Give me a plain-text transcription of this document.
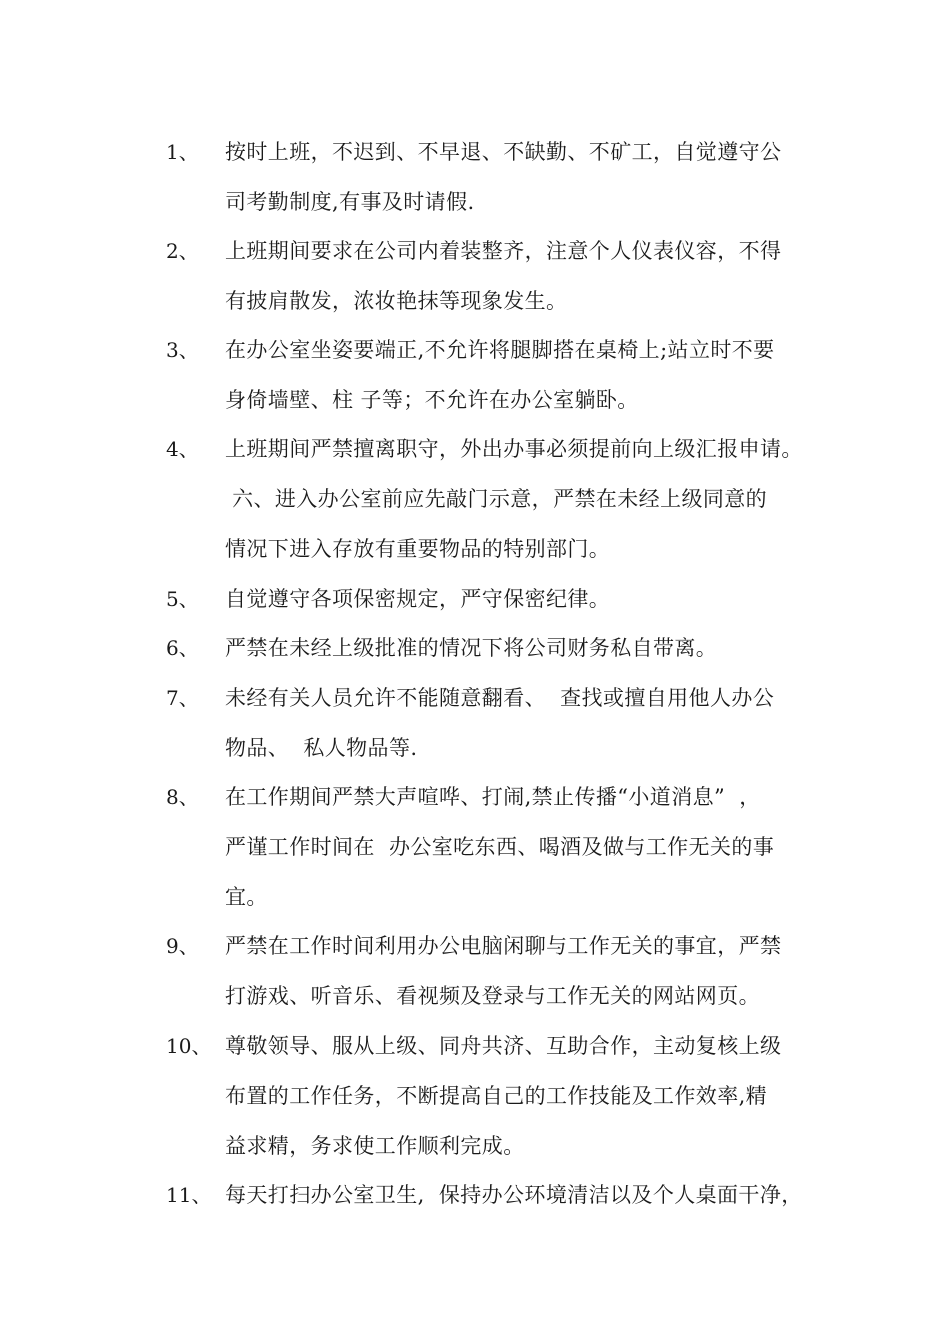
1、 按时上班，不迟到、不早退、不缺勤、不矿工，自觉遵守公
司考勤制度,有事及时请假.
2、 上班期间要求在公司内着装整齐，注意个人仪表仪容，不得
有披肩散发，浓妆艳抹等现象发生。
3、 在办公室坐姿要端正,不允许将腿脚搭在桌椅上;站立时不要
身倚墙壁、柱 子等；不允许在办公室躺卧。
4、 上班期间严禁擅离职守，外出办事必须提前向上级汇报申请。
六、进入办公室前应先敲门示意，严禁在未经上级同意的
情况下进入存放有重要物品的特别部门。
5、 自觉遵守各项保密规定，严守保密纪律。
6、 严禁在未经上级批准的情况下将公司财务私自带离。
7、 未经有关人员允许不能随意翻看、  查找或擅自用他人办公
物品、  私人物品等.
8、 在工作期间严禁大声喧哗、打闹,禁止传播“小道消息”  ，
严谨工作时间在  办公室吃东西、喝酒及做与工作无关的事
宜。
9、 严禁在工作时间利用办公电脑闲聊与工作无关的事宜，严禁
打游戏、听音乐、看视频及登录与工作无关的网站网页。
10、 尊敬领导、服从上级、同舟共济、互助合作，主动复核上级
布置的工作任务，不断提高自己的工作技能及工作效率,精
益求精，务求使工作顺利完成。
11、 每天打扫办公室卫生,  保持办公环境清洁以及个人桌面干净，
